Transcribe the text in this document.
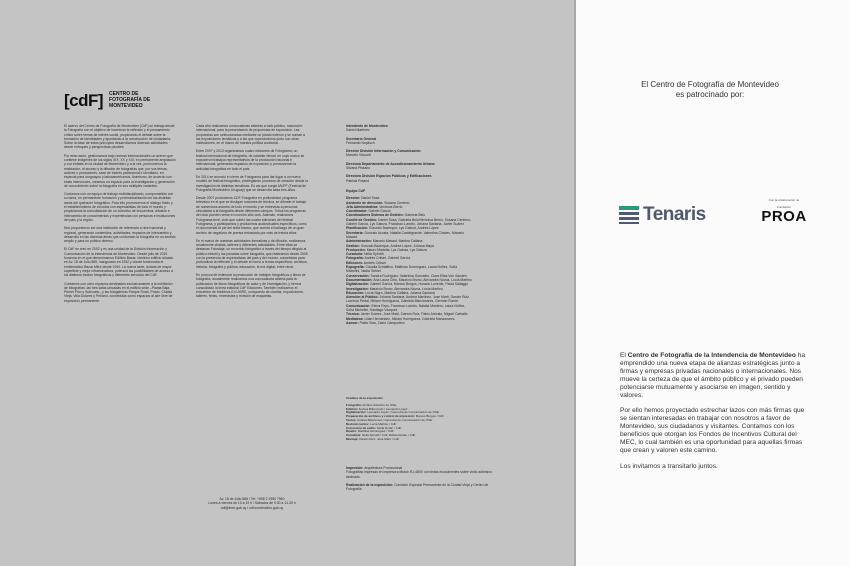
[cdF] CENTRO DE FOTOGRAFÍA DE MONTEVIDEO

El acervo del Centro de Fotografía de Montevideo (CdF) se trabaja desde la Fotografía con el objetivo de incentivar la reflexión y el pensamiento crítico sobre temas de interés social, propiciando el debate sobre la formación de identidades y apuntando a la construcción de ciudadanía. Sobre la base de estos principios desarrollamos diversas actividades desde enfoques y perspectivas plurales.

Por esta razón, gestionamos bajo normas internacionales un acervo que contiene imágenes de los siglos XIX, XX y XXI, en permanente ampliación y con énfasis en la ciudad de Montevideo y a la vez, promovemos la realización, el acceso y la difusión de fotografías que, por sus temas, autores o productores, sean de interés patrimonial e identitario, en especial para uruguayos y latinoamericanos. Asimismo, de acuerdo con estas intenciones, creamos un espacio para la investigación y generación de conocimiento sobre la fotografía en sus múltiples variantes.

Contamos con un equipo de trabajo multidisciplinario, comprometido con su tarea, en permanente formación y profesionalización en las distintas áreas del quehacer fotográfico. Para ello promovemos el diálogo fluido y el establecimiento de vínculos con especialistas de todo el mundo y propiciamos la consolidación de un colectivo de encuentros, difusión e intercambio de conocimientos y experiencias con personas e instituciones del país y la región.

Nos proponemos ser una institución de referencia a nivel nacional y regional, generando contenidos, actividades, espacios de intercambio y desarrollo en las diversas áreas que conforman la fotografía en un sentido amplio y para un público diverso.

El CdF se creó en 2002 y es una unidad de la División Información y Comunicación de la Intendencia de Montevideo. Desde julio de 2015 funciona en el que denominamos Edificio Bazar, histórico edificio situado en Av. 18 de Julio 885, inaugurado en 1932 y donde funcionaba el emblemático Bazar Mitre desde 1940. La nueva sede, dotada de mayor superficie y mejor infraestructura, potencia las posibilidades de acceso a los distintos fondos fotográficos y diferentes servicios del CdF.

Contamos con ocho espacios destinados exclusivamente a la exhibición de fotografías: las tres salas ubicadas en el edificio sede –Planta Baja, Primer Piso y Subsuelo– y las fotogalerías Parque Rodó, Prado, Ciudad Vieja, Villa Dolores y Peñarol, concebidas como espacios al aire libre de exposición permanente.

Cada año realizamos convocatorias abiertas a todo público, nacional e internacional, para la presentación de propuestas de exposición. Las propuestas son seleccionadas mediante un jurado externo y se suman a las exposiciones temáticas y a las que coproducimos junto con otras instituciones, en el marco de nuestra política curatorial.

Entre 2007 y 2013 organizamos cuatro ediciones de Fotograma, un festival internacional de fotografía, de carácter bienal, en cuyo marco se expusieron trabajos representativos de la producción nacional e internacional, generando espacios de exposición y promoviendo la actividad fotográfica en todo el país.

En 2014 se anunció el cierre de Fotograma para dar lugar a un nuevo modelo de festival fotográfico, privilegiando procesos de creación desde la investigación de distintas temáticas. Es así que surgió MUFF (Festival de Fotografía Montevideo Uruguay) que se desarrolla cada tres años.

Desde 2007 producimos CDF Fotografía en profundidad, programa televisivo en el que se divulgan nociones de técnica, se difunde el trabajo de numerosos autores de todo el mundo y se entrevista a personas vinculadas a la fotografía desde diferentes campos. Todos los programas del ciclo pueden verse en nuestro sitio web. Además, realizamos Fotograma tevé, ciclo que cubrió las cuatro ediciones del festival Fotograma, y participamos y producimos audiovisuales específicos, como el documental Al pie del árbol blanco, que cuenta el hallazgo de un gran archivo de negativos de prensa extraviado por más de treinta años.

En el marco de nuestras actividades formativas y de difusión, realizamos anualmente charlas, talleres y diferentes actividades. Entre ellas se destacan Fotoviaje, un recorrido fotográfico a través del tiempo dirigido al público infantil y las jornadas sobre fotografía, que realizamos desde 2005 con la presencia de especialistas del país y del mundo, concebidas para profundizar la reflexión y el debate en torno a temas específicos: archivos, historia, fotografía y política, educación, la era digital, entre otros.

En procura de estimular la producción de trabajos fotográficos y libros de fotografía, anualmente realizamos una convocatoria abierta para la publicación de libros fotográficos de autor y de investigación, y hemos consolidado la línea editorial CdF Ediciones. También realizamos el encuentro de fotolibros En LIBRE, compuesto de charlas, exposiciones, talleres, ferias, entrevistas y revisión de maquetas.

Av. 18 de Julio 885 / Tel: +598 2 1950 7960
Lunes a viernes de 10 a 19 h / Sábados de 9.30 a 14.30 h
cdf@imm.gub.uy / cdf.montevideo.gub.uy
Intendente de Montevideo
Daniel Martínez
Secretario General
Fernando Nopitsch
Director División Información y Comunicación
Marcelo Visconti
Directora Departamento de Acondicionamiento Urbano
Silvana Pissano
Directora División Espacios Públicos y Edificaciones
Patricia Roland
Equipo CdF
Director: Daniel Sosa
Asistente de dirección: Susana Centeno
Jefa Administrativa: Verónica Berrio
Coordinador: Gabriel García
Coordinadores Sistema de Gestión: Gabriela Belo
Comité de Gestión: Daniel Sosa, Gabriela Belo/Verónica Berrio, Susana Centeno, Gabriel García, Lys Gainza, Francisco Landro, Johana Santana, Javier Suárez
Planificación: Gonzalo Bazerque, Lys Gainza, Andrea López
Secretaría: Gonzalo Acosta, Natalia Castelgrande, Valentina Chaves, Marcelo Mawad
Administración: Marcelo Mawad, Martina Callaba
Gestión: Gonzalo Bazerque, Andrea López, Johana Maya
Producción: Mauro Martella, Lys Gainza, Lys Gainza
Curaduría: Nella Spinelli
Fotografía: Andrés Cribari, Gabriel García
Ediciones: Andrés Cribari
Expografía: Claudia Schiaffino, Matthías Domínguez, Laura Núñez, Sofía Michelini, Nadia Terkiel
Conservación: Sandra Rodríguez, Valentina González, Clara Elisa Von Sanden
Documentación: Ana Laura Cirio, Mauricio Bruno, Alexandra Nóvoa, Lucía Martino
Digitalización: Gabriel García, Marcos Burgos, Horacio Loriente, Paola Sallaggo
Investigación: Mauricio Bruno, Alexandra Nóvoa, Lucía Martino
Educación: Lucía Nigro, Martina Callaba, Johana Santana
Atención al Público: Johana Santana, Andrea Martínez, José Martí, Darwin Ruiz, Lucrecia Portal, Miriam Hornigueza, Gabriela Manzanares, Germán Rumín
Comunicación: Elena Firpo, Francisco Landro, Natalia Mardero, Laura Núñez, Sofía Michelini, Santiago Vázquez
Técnica: Javier Suárez, José Martí, Darwin Ruiz, Pablo Arévalo, Miguel Carballo
Mediateca: Lilián Hernández, Miriam Hornigueza, Gabriela Manzanares
Asesor: Pablo Soto, Dario Campodino

Créditos de la exposición:

Fotografía: Archivo Histórico de OSE
Edición: Andrea Bittencourt / Leonardo López
Digitalización: Leonardo López / Gerencia de Comunicación de OSE
Preparación de archivos y control de impresión: Marcos Burgos / CdF
Textos: Andrea Bittencourt / Gerencia de Comunicación de OSE
Revisión textos: Lucía Martino / CdF
Corrección de estilo: Stella Durán / CdF
Diseño: Matthías Domínguez / CdF
Curaduría: Nella Spinelli / CdF, Malisa Rodao / CdF
Montaje: Darwin Ruiz, José Martí / CdF

Impresión: Arquitectura Promocional
Fotografías impresas en impresora Mutoh RJ-480X con tintas ecosolventes sobre vinilo adhesivo laminado.

Realización de la exposición: Comisión Especial Permanente de la Ciudad Vieja y Centro de Fotografía

El Centro de Fotografía de Montevideo
es patrocinado por:
Tenaris
Con la colaboración de
Fundación
PROA

El Centro de Fotografía de la Intendencia de Montevideo ha emprendido una nueva etapa de alianzas estratégicas junto a firmas y empresas privadas nacionales o internacionales. Nos mueve la certeza de que el ámbito público y el privado pueden potenciarse mutuamente y asociarse en imagen, sentido y valores.

Por ello hemos proyectado estrechar lazos con más firmas que se sientan interesadas en trabajar con nosotros a favor de Montevideo, sus ciudadanos y visitantes. Contamos con los beneficios que otorgan los Fondos de Incentivos Cultural del MEC, lo cual también es una oportunidad para aquellas firmas que crean y valoren este camino.

Los invitamos a transitarlo juntos.
